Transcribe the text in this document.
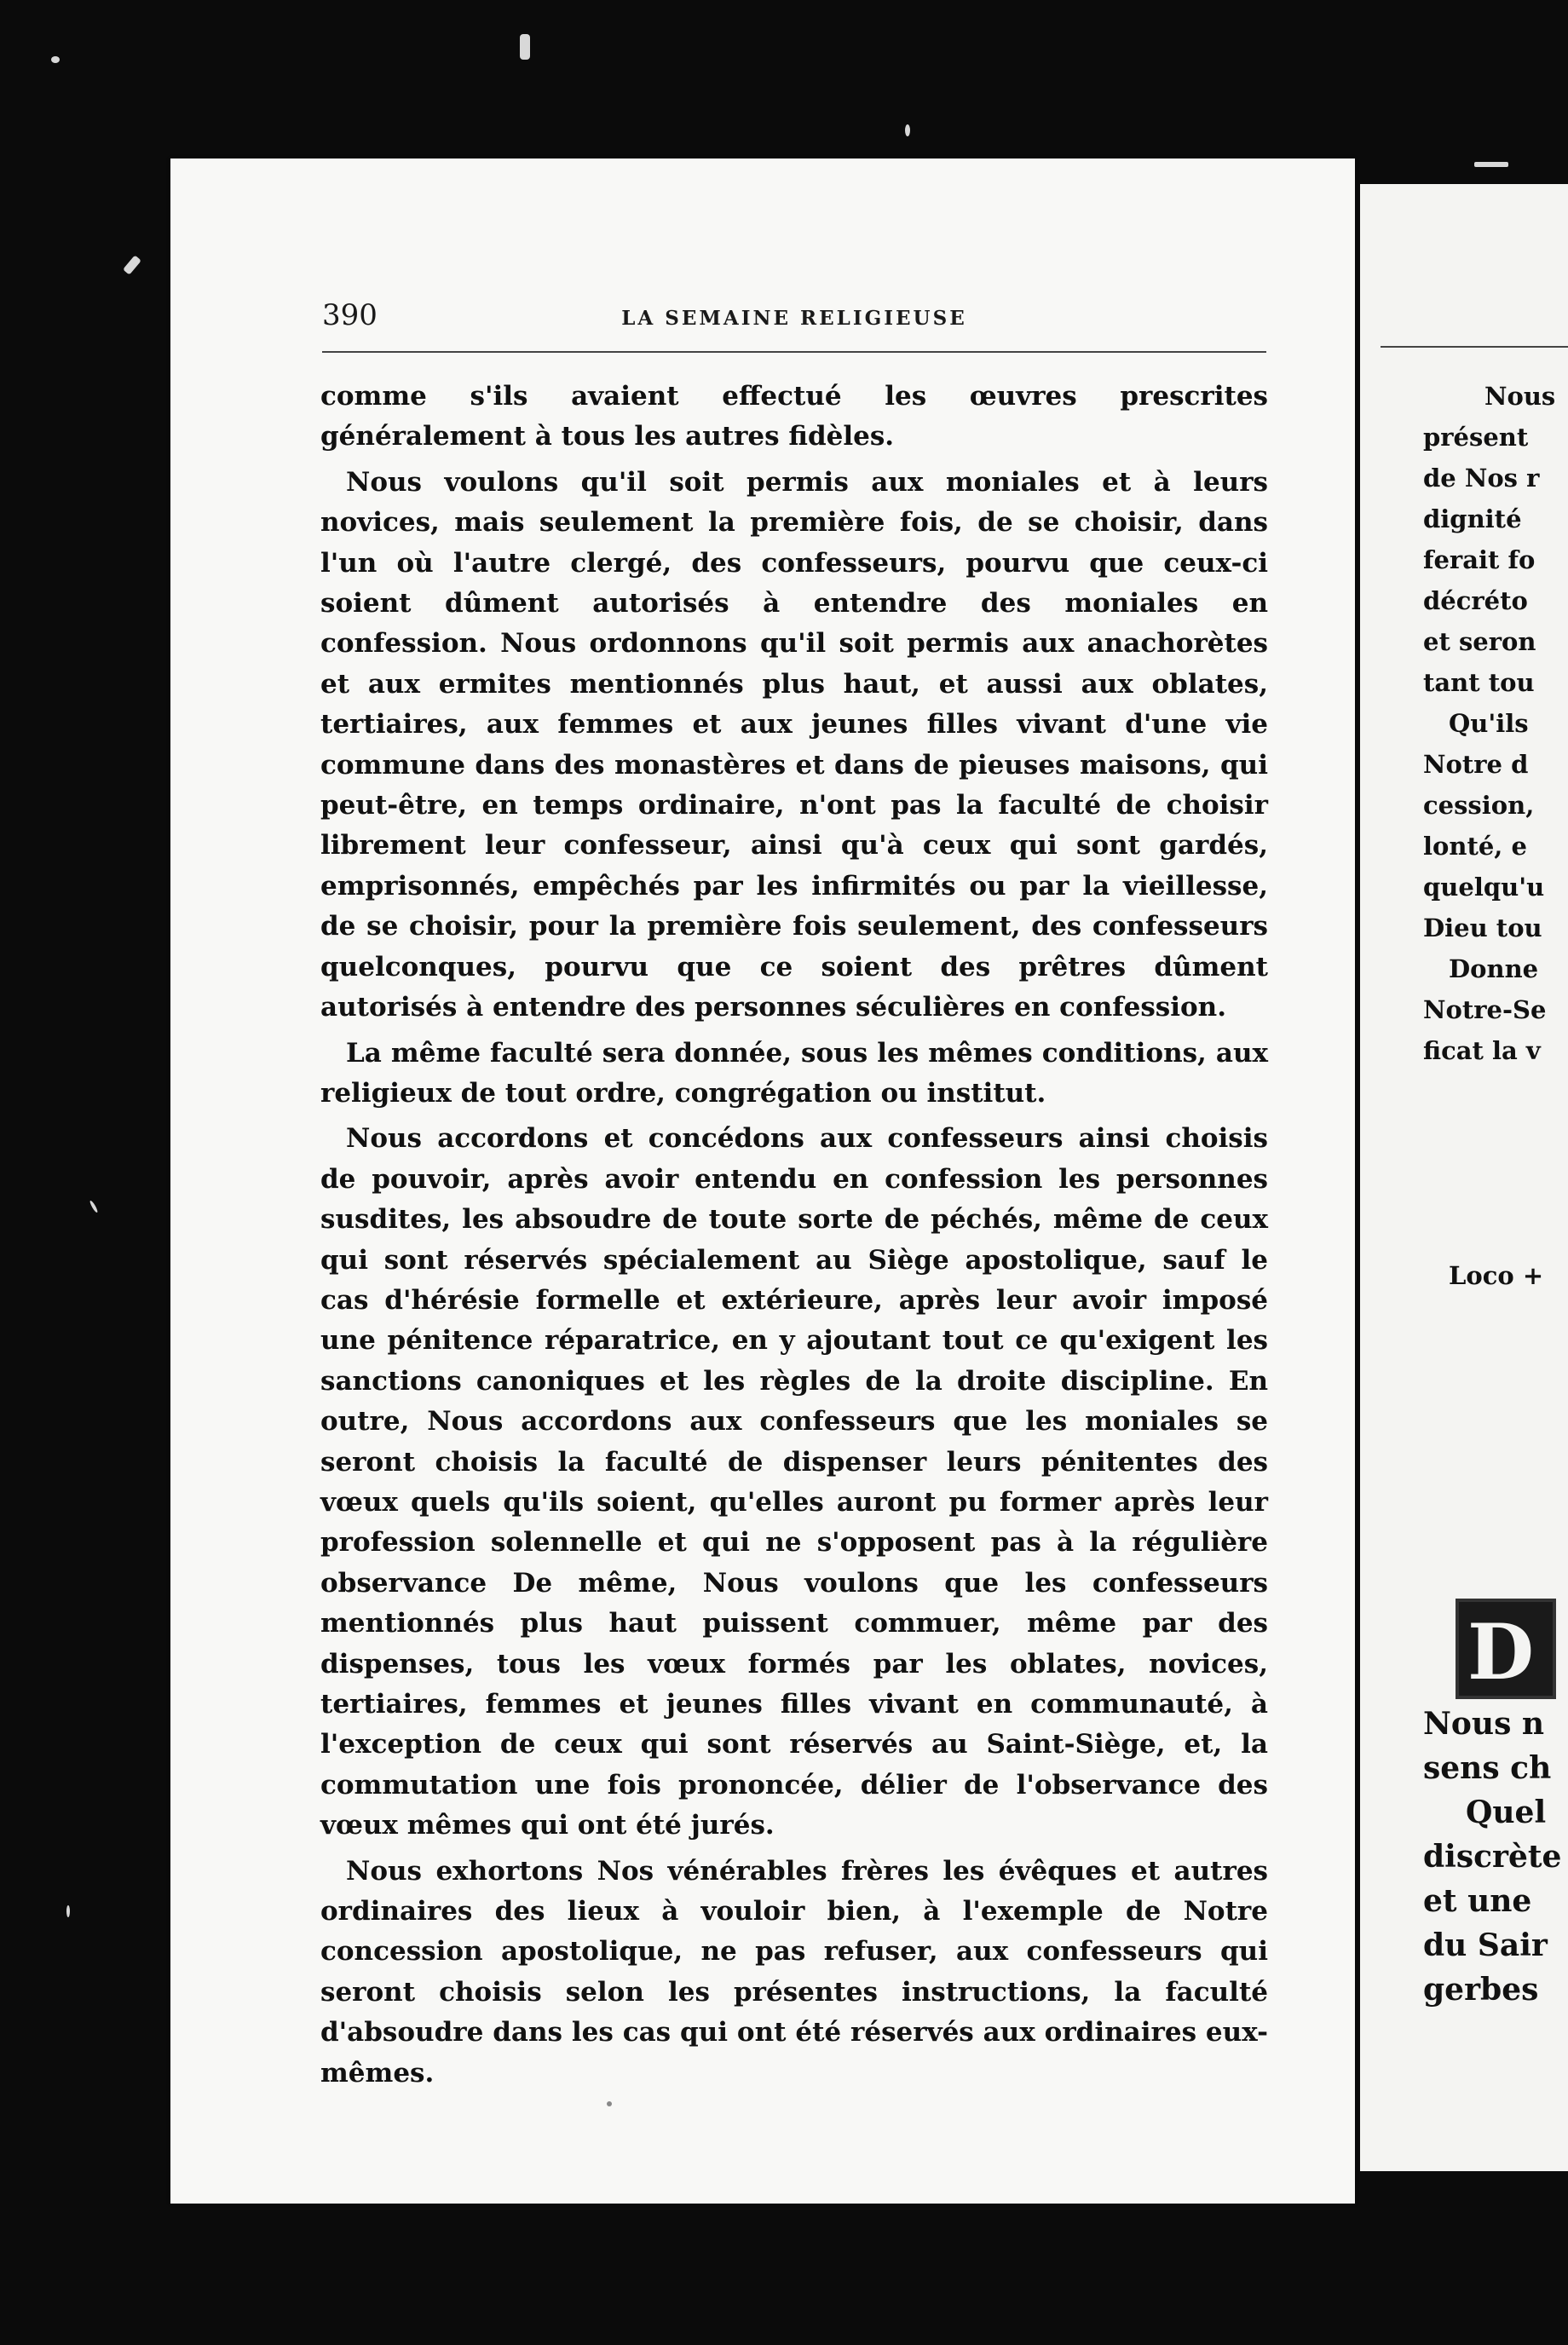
390	LA SEMAINE RELIGIEUSE

comme s'ils avaient effectué les œuvres prescrites généralement à tous les autres fidèles.

Nous voulons qu'il soit permis aux moniales et à leurs novices, mais seulement la première fois, de se choisir, dans l'un où l'autre clergé, des confesseurs, pourvu que ceux-ci soient dûment autorisés à entendre des moniales en confession. Nous ordonnons qu'il soit permis aux anachorètes et aux ermites mentionnés plus haut, et aussi aux oblates, tertiaires, aux femmes et aux jeunes filles vivant d'une vie commune dans des monastères et dans de pieuses maisons, qui peut-être, en temps ordinaire, n'ont pas la faculté de choisir librement leur confesseur, ainsi qu'à ceux qui sont gardés, emprisonnés, empêchés par les infirmités ou par la vieillesse, de se choisir, pour la première fois seulement, des confesseurs quelconques, pourvu que ce soient des prêtres dûment autorisés à entendre des personnes séculières en confession.

La même faculté sera donnée, sous les mêmes conditions, aux religieux de tout ordre, congrégation ou institut.

Nous accordons et concédons aux confesseurs ainsi choisis de pouvoir, après avoir entendu en confession les personnes susdites, les absoudre de toute sorte de péchés, même de ceux qui sont réservés spécialement au Siège apostolique, sauf le cas d'hérésie formelle et extérieure, après leur avoir imposé une pénitence réparatrice, en y ajoutant tout ce qu'exigent les sanctions canoniques et les règles de la droite discipline. En outre, Nous accordons aux confesseurs que les moniales se seront choisis la faculté de dispenser leurs pénitentes des vœux quels qu'ils soient, qu'elles auront pu former après leur profession solennelle et qui ne s'opposent pas à la régulière observance De même, Nous voulons que les confesseurs mentionnés plus haut puissent commuer, même par des dispenses, tous les vœux formés par les oblates, novices, tertiaires, femmes et jeunes filles vivant en communauté, à l'exception de ceux qui sont réservés au Saint-Siège, et, la commutation une fois prononcée, délier de l'observance des vœux mêmes qui ont été jurés.

Nous exhortons Nos vénérables frères les évêques et autres ordinaires des lieux à vouloir bien, à l'exemple de Notre concession apostolique, ne pas refuser, aux confesseurs qui seront choisis selon les présentes instructions, la faculté d'absoudre dans les cas qui ont été réservés aux ordinaires eux-mêmes.

Nous
présent
de Nos r
dignité
ferait fo
décréto
et seron
tant tou
Qu'ils
Notre d
cession,
lonté, e
quelqu'u
Dieu tou
Donne
Notre-Se
ficat la v
Loco +
D
Nous n
sens ch
Quel
discrète
et une
du Sair
gerbes
